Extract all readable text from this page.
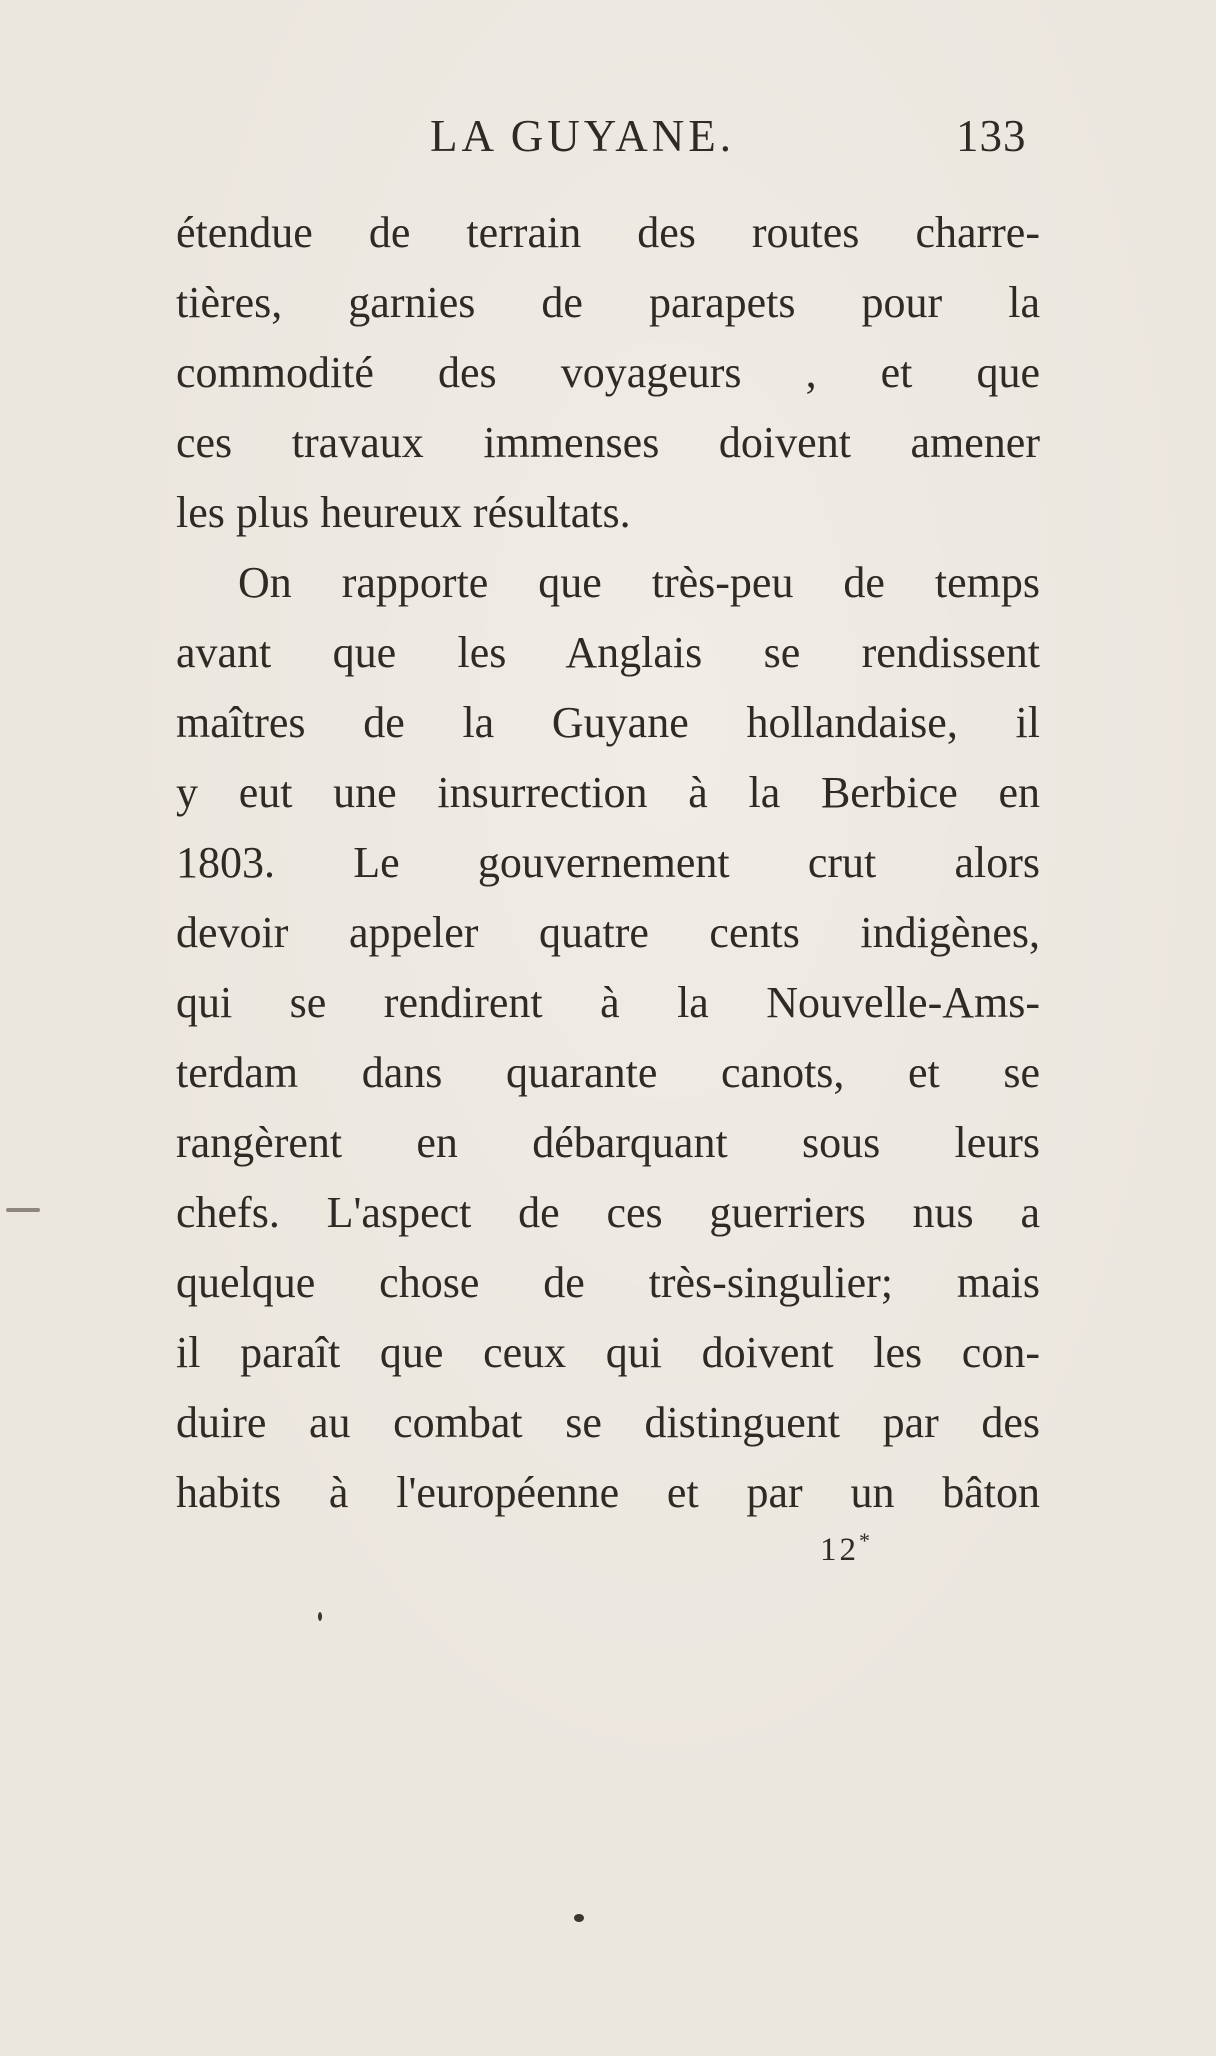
LA GUYANE.	133
étendue de terrain des routes charre-
tières, garnies de parapets pour la
commodité des voyageurs , et que
ces travaux immenses doivent amener
les plus heureux résultats.
On rapporte que très-peu de temps
avant que les Anglais se rendissent
maîtres de la Guyane hollandaise, il
y eut une insurrection à la Berbice en
1803. Le gouvernement crut alors
devoir appeler quatre cents indigènes,
qui se rendirent à la Nouvelle-Ams-
terdam dans quarante canots, et se
rangèrent en débarquant sous leurs
chefs. L'aspect de ces guerriers nus a
quelque chose de très-singulier; mais
il paraît que ceux qui doivent les con-
duire au combat se distinguent par des
habits à l'européenne et par un bâton
12*
